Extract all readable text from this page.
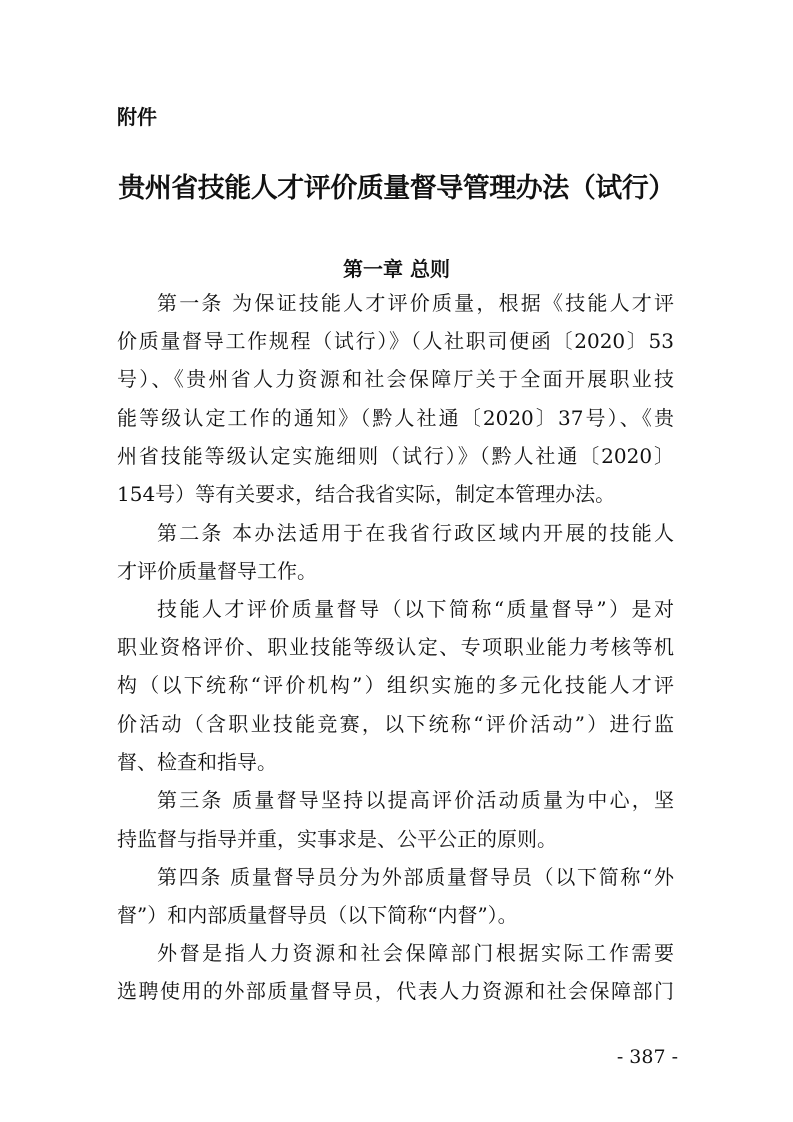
附件

贵州省技能人才评价质量督导管理办法（试行）
第一章 总则

第一条 为保证技能人才评价质量，根据《技能人才评

价质量督导工作规程（试行）》（人社职司便函〔2020〕53

号）、《贵州省人力资源和社会保障厅关于全面开展职业技

能等级认定工作的通知》（黔人社通〔2020〕37号）、《贵

州省技能等级认定实施细则（试行）》（黔人社通〔2020〕

154号）等有关要求，结合我省实际，制定本管理办法。

第二条 本办法适用于在我省行政区域内开展的技能人

才评价质量督导工作。

技能人才评价质量督导（以下简称“质量督导”）是对

职业资格评价、职业技能等级认定、专项职业能力考核等机

构（以下统称“评价机构”）组织实施的多元化技能人才评

价活动（含职业技能竞赛，以下统称“评价活动”）进行监

督、检查和指导。

第三条 质量督导坚持以提高评价活动质量为中心，坚

持监督与指导并重，实事求是、公平公正的原则。

第四条 质量督导员分为外部质量督导员（以下简称“外

督”）和内部质量督导员（以下简称“内督”）。

外督是指人力资源和社会保障部门根据实际工作需要

选聘使用的外部质量督导员，代表人力资源和社会保障部门

- 387 -
